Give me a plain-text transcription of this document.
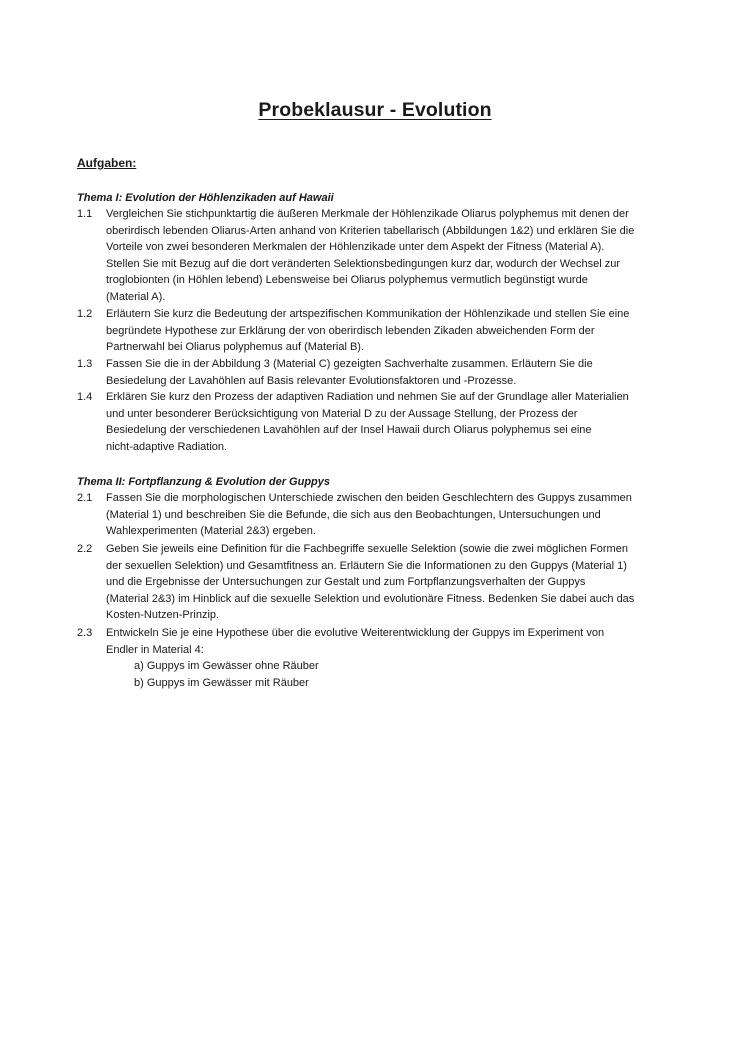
Probeklausur - Evolution
Aufgaben:
Thema I: Evolution der Höhlenzikaden auf Hawaii
1.1	Vergleichen Sie stichpunktartig die äußeren Merkmale der Höhlenzikade Oliarus polyphemus mit denen der
oberirdisch lebenden Oliarus-Arten anhand von Kriterien tabellarisch (Abbildungen 1&2) und erklären Sie die
Vorteile von zwei besonderen Merkmalen der Höhlenzikade unter dem Aspekt der Fitness (Material A).
Stellen Sie mit Bezug auf die dort veränderten Selektionsbedingungen kurz dar, wodurch der Wechsel zur
troglobionten (in Höhlen lebend) Lebensweise bei Oliarus polyphemus vermutlich begünstigt wurde
(Material A).
1.2	Erläutern Sie kurz die Bedeutung der artspezifischen Kommunikation der Höhlenzikade und stellen Sie eine
begründete Hypothese zur Erklärung der von oberirdisch lebenden Zikaden abweichenden Form der
Partnerwahl bei Oliarus polyphemus auf (Material B).
1.3	Fassen Sie die in der Abbildung 3 (Material C) gezeigten Sachverhalte zusammen. Erläutern Sie die
Besiedelung der Lavahöhlen auf Basis relevanter Evolutionsfaktoren und -Prozesse.
1.4	Erklären Sie kurz den Prozess der adaptiven Radiation und nehmen Sie auf der Grundlage aller Materialien
und unter besonderer Berücksichtigung von Material D zu der Aussage Stellung, der Prozess der
Besiedelung der verschiedenen Lavahöhlen auf der Insel Hawaii durch Oliarus polyphemus sei eine
nicht-adaptive Radiation.
Thema II: Fortpflanzung & Evolution der Guppys
2.1	Fassen Sie die morphologischen Unterschiede zwischen den beiden Geschlechtern des Guppys zusammen
(Material 1) und beschreiben Sie die Befunde, die sich aus den Beobachtungen, Untersuchungen und
Wahlexperimenten (Material 2&3) ergeben.
2.2	Geben Sie jeweils eine Definition für die Fachbegriffe sexuelle Selektion (sowie die zwei möglichen Formen
der sexuellen Selektion) und Gesamtfitness an. Erläutern Sie die Informationen zu den Guppys (Material 1)
und die Ergebnisse der Untersuchungen zur Gestalt und zum Fortpflanzungsverhalten der Guppys
(Material 2&3) im Hinblick auf die sexuelle Selektion und evolutionäre Fitness. Bedenken Sie dabei auch das
Kosten-Nutzen-Prinzip.
2.3	Entwickeln Sie je eine Hypothese über die evolutive Weiterentwicklung der Guppys im Experiment von
Endler in Material 4:
a) Guppys im Gewässer ohne Räuber
b) Guppys im Gewässer mit Räuber
